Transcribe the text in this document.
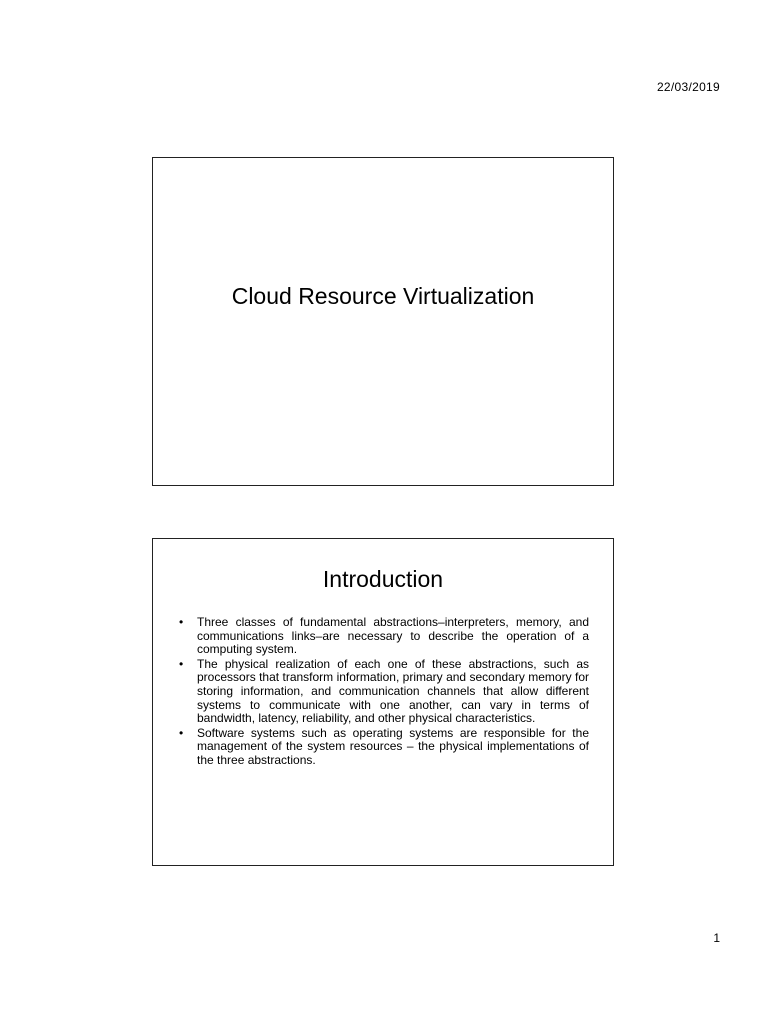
22/03/2019
Cloud Resource Virtualization
Introduction
• Three classes of fundamental abstractions–interpreters, memory, and communications links–are necessary to describe the operation of a computing system.
• The physical realization of each one of these abstractions, such as processors that transform information, primary and secondary memory for storing information, and communication channels that allow different systems to communicate with one another, can vary in terms of bandwidth, latency, reliability, and other physical characteristics.
• Software systems such as operating systems are responsible for the management of the system resources – the physical implementations of the three abstractions.
1
